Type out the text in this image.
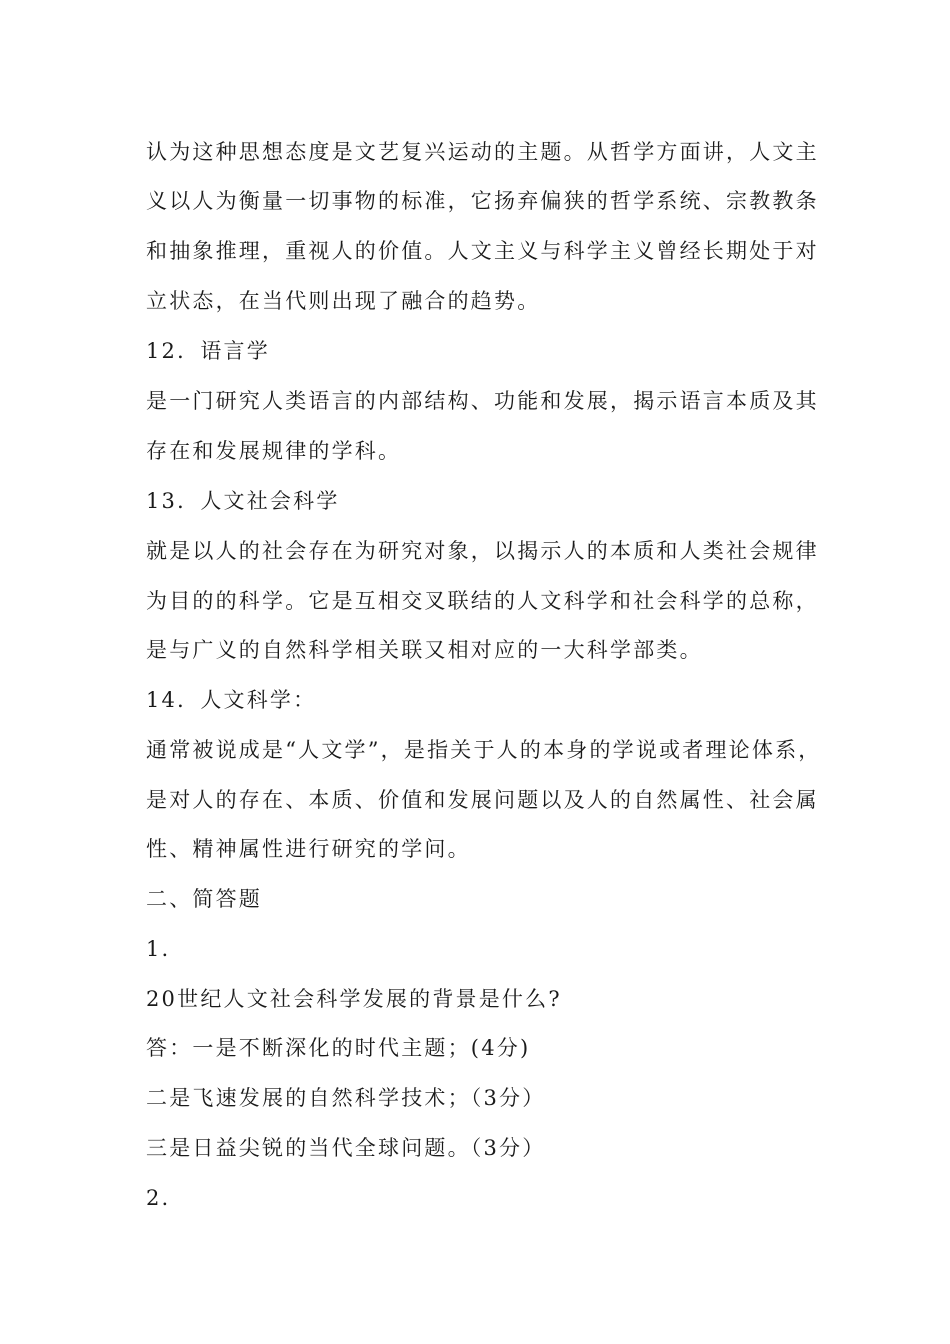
认为这种思想态度是文艺复兴运动的主题。从哲学方面讲，人文主
义以人为衡量一切事物的标准，它扬弃偏狭的哲学系统、宗教教条
和抽象推理，重视人的价值。人文主义与科学主义曾经长期处于对
立状态，在当代则出现了融合的趋势。
12．语言学
是一门研究人类语言的内部结构、功能和发展，揭示语言本质及其
存在和发展规律的学科。
13．人文社会科学
就是以人的社会存在为研究对象，以揭示人的本质和人类社会规律
为目的的科学。它是互相交叉联结的人文科学和社会科学的总称，
是与广义的自然科学相关联又相对应的一大科学部类。
14．人文科学：
通常被说成是“人文学”，是指关于人的本身的学说或者理论体系，
是对人的存在、本质、价值和发展问题以及人的自然属性、社会属
性、精神属性进行研究的学问。
二、简答题
1.
20世纪人文社会科学发展的背景是什么?
答：一是不断深化的时代主题；(4分)
二是飞速发展的自然科学技术；（3分）
三是日益尖锐的当代全球问题。（3分）
2.
